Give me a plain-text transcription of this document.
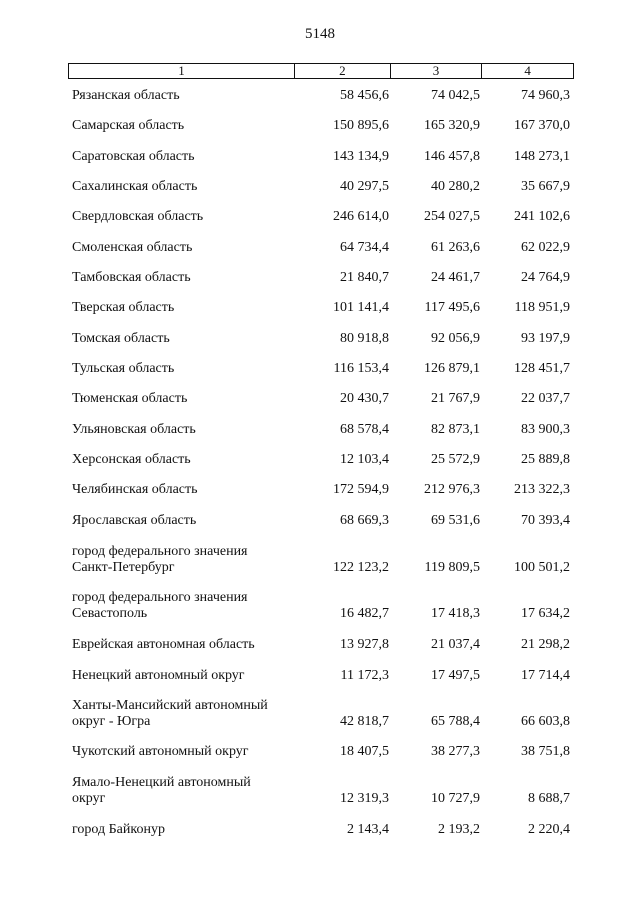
5148
1	2	3	4
Рязанская область	58 456,6	74 042,5	74 960,3
Самарская область	150 895,6	165 320,9	167 370,0
Саратовская область	143 134,9	146 457,8	148 273,1
Сахалинская область	40 297,5	40 280,2	35 667,9
Свердловская область	246 614,0	254 027,5	241 102,6
Смоленская область	64 734,4	61 263,6	62 022,9
Тамбовская область	21 840,7	24 461,7	24 764,9
Тверская область	101 141,4	117 495,6	118 951,9
Томская область	80 918,8	92 056,9	93 197,9
Тульская область	116 153,4	126 879,1	128 451,7
Тюменская область	20 430,7	21 767,9	22 037,7
Ульяновская область	68 578,4	82 873,1	83 900,3
Херсонская область	12 103,4	25 572,9	25 889,8
Челябинская область	172 594,9	212 976,3	213 322,3
Ярославская область	68 669,3	69 531,6	70 393,4
город федерального значения
Санкт-Петербург	122 123,2	119 809,5	100 501,2
город федерального значения
Севастополь	16 482,7	17 418,3	17 634,2
Еврейская автономная область	13 927,8	21 037,4	21 298,2
Ненецкий автономный округ	11 172,3	17 497,5	17 714,4
Ханты-Мансийский автономный
округ - Югра	42 818,7	65 788,4	66 603,8
Чукотский автономный округ	18 407,5	38 277,3	38 751,8
Ямало-Ненецкий автономный
округ	12 319,3	10 727,9	8 688,7
город Байконур	2 143,4	2 193,2	2 220,4
